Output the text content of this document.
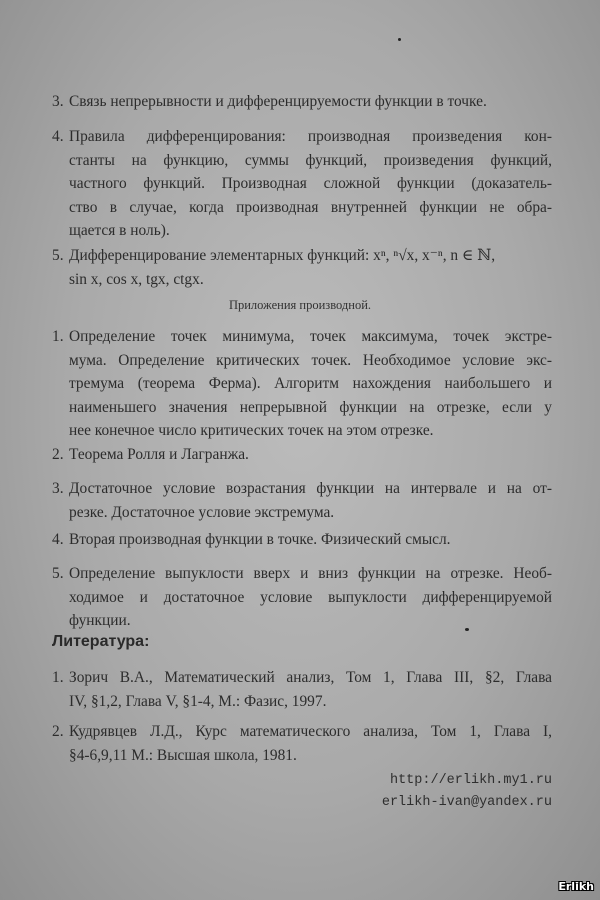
3. Связь непрерывности и дифференцируемости функции в точке.
4. Правила дифференцирования: производная произведения кон-
станты на функцию, суммы функций, произведения функций,
частного функций. Производная сложной функции (доказатель-
ство в случае, когда производная внутренней функции не обра-
щается в ноль).
5. Дифференцирование элементарных функций: xⁿ, ⁿ√x, x⁻ⁿ, n ∈ ℕ,
sin x, cos x, tgx, ctgx.
Приложения производной.
1. Определение точек минимума, точек максимума, точек экстре-
мума. Определение критических точек. Необходимое условие экс-
тремума (теорема Ферма). Алгоритм нахождения наибольшего и
наименьшего значения непрерывной функции на отрезке, если у
нее конечное число критических точек на этом отрезке.
2. Теорема Ролля и Лагранжа.
3. Достаточное условие возрастания функции на интервале и на от-
резке. Достаточное условие экстремума.
4. Вторая производная функции в точке. Физический смысл.
5. Определение выпуклости вверх и вниз функции на отрезке. Необ-
ходимое и достаточное условие выпуклости дифференцируемой
функции.
Литература:
1. Зорич В.А., Математический анализ, Том 1, Глава III, §2, Глава
IV, §1,2, Глава V, §1-4, М.: Фазис, 1997.
2. Кудрявцев Л.Д., Курс математического анализа, Том 1, Глава I,
§4-6,9,11 М.: Высшая школа, 1981.
http://erlikh.my1.ru
erlikh-ivan@yandex.ru
Erlikh
